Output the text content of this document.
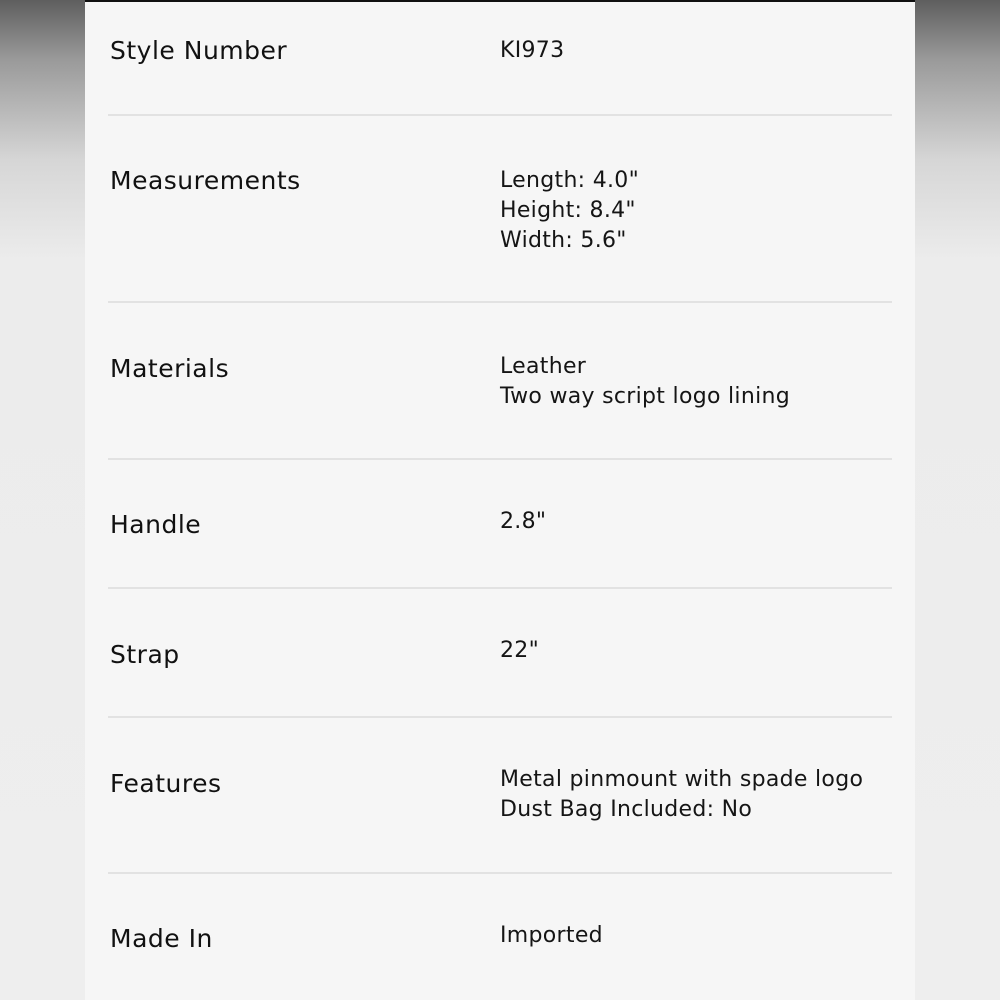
Style Number	KI973
Measurements	Length: 4.0"
Height: 8.4"
Width: 5.6"
Materials	Leather
Two way script logo lining
Handle	2.8"
Strap	22"
Features	Metal pinmount with spade logo
Dust Bag Included: No
Made In	Imported
